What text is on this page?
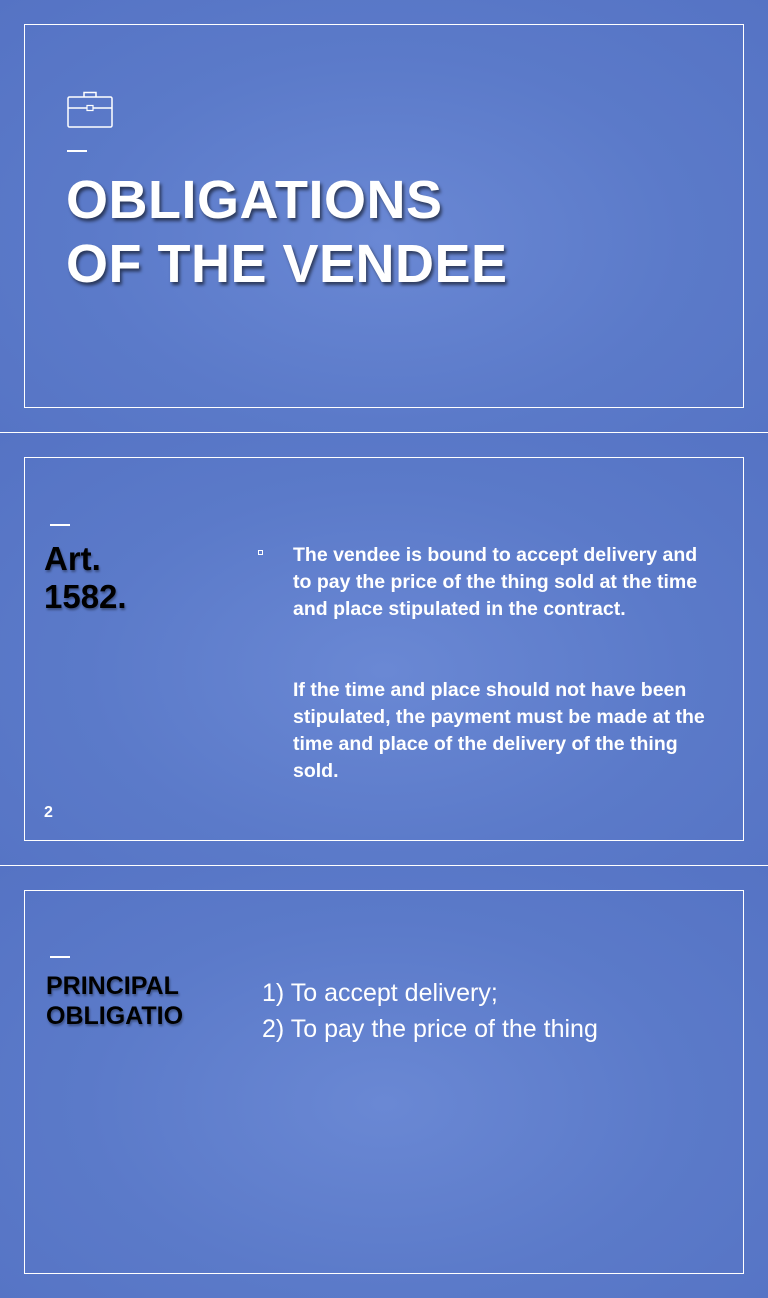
OBLIGATIONS
OF THE VENDEE
Art.
1582.

The vendee is bound to accept delivery and to pay the price of the thing sold at the time and place stipulated in the contract.

If the time and place should not have been stipulated, the payment must be made at the time and place of the delivery of the thing sold.

2
PRINCIPAL
OBLIGATIO
1) To accept delivery;
2) To pay the price of the thing
